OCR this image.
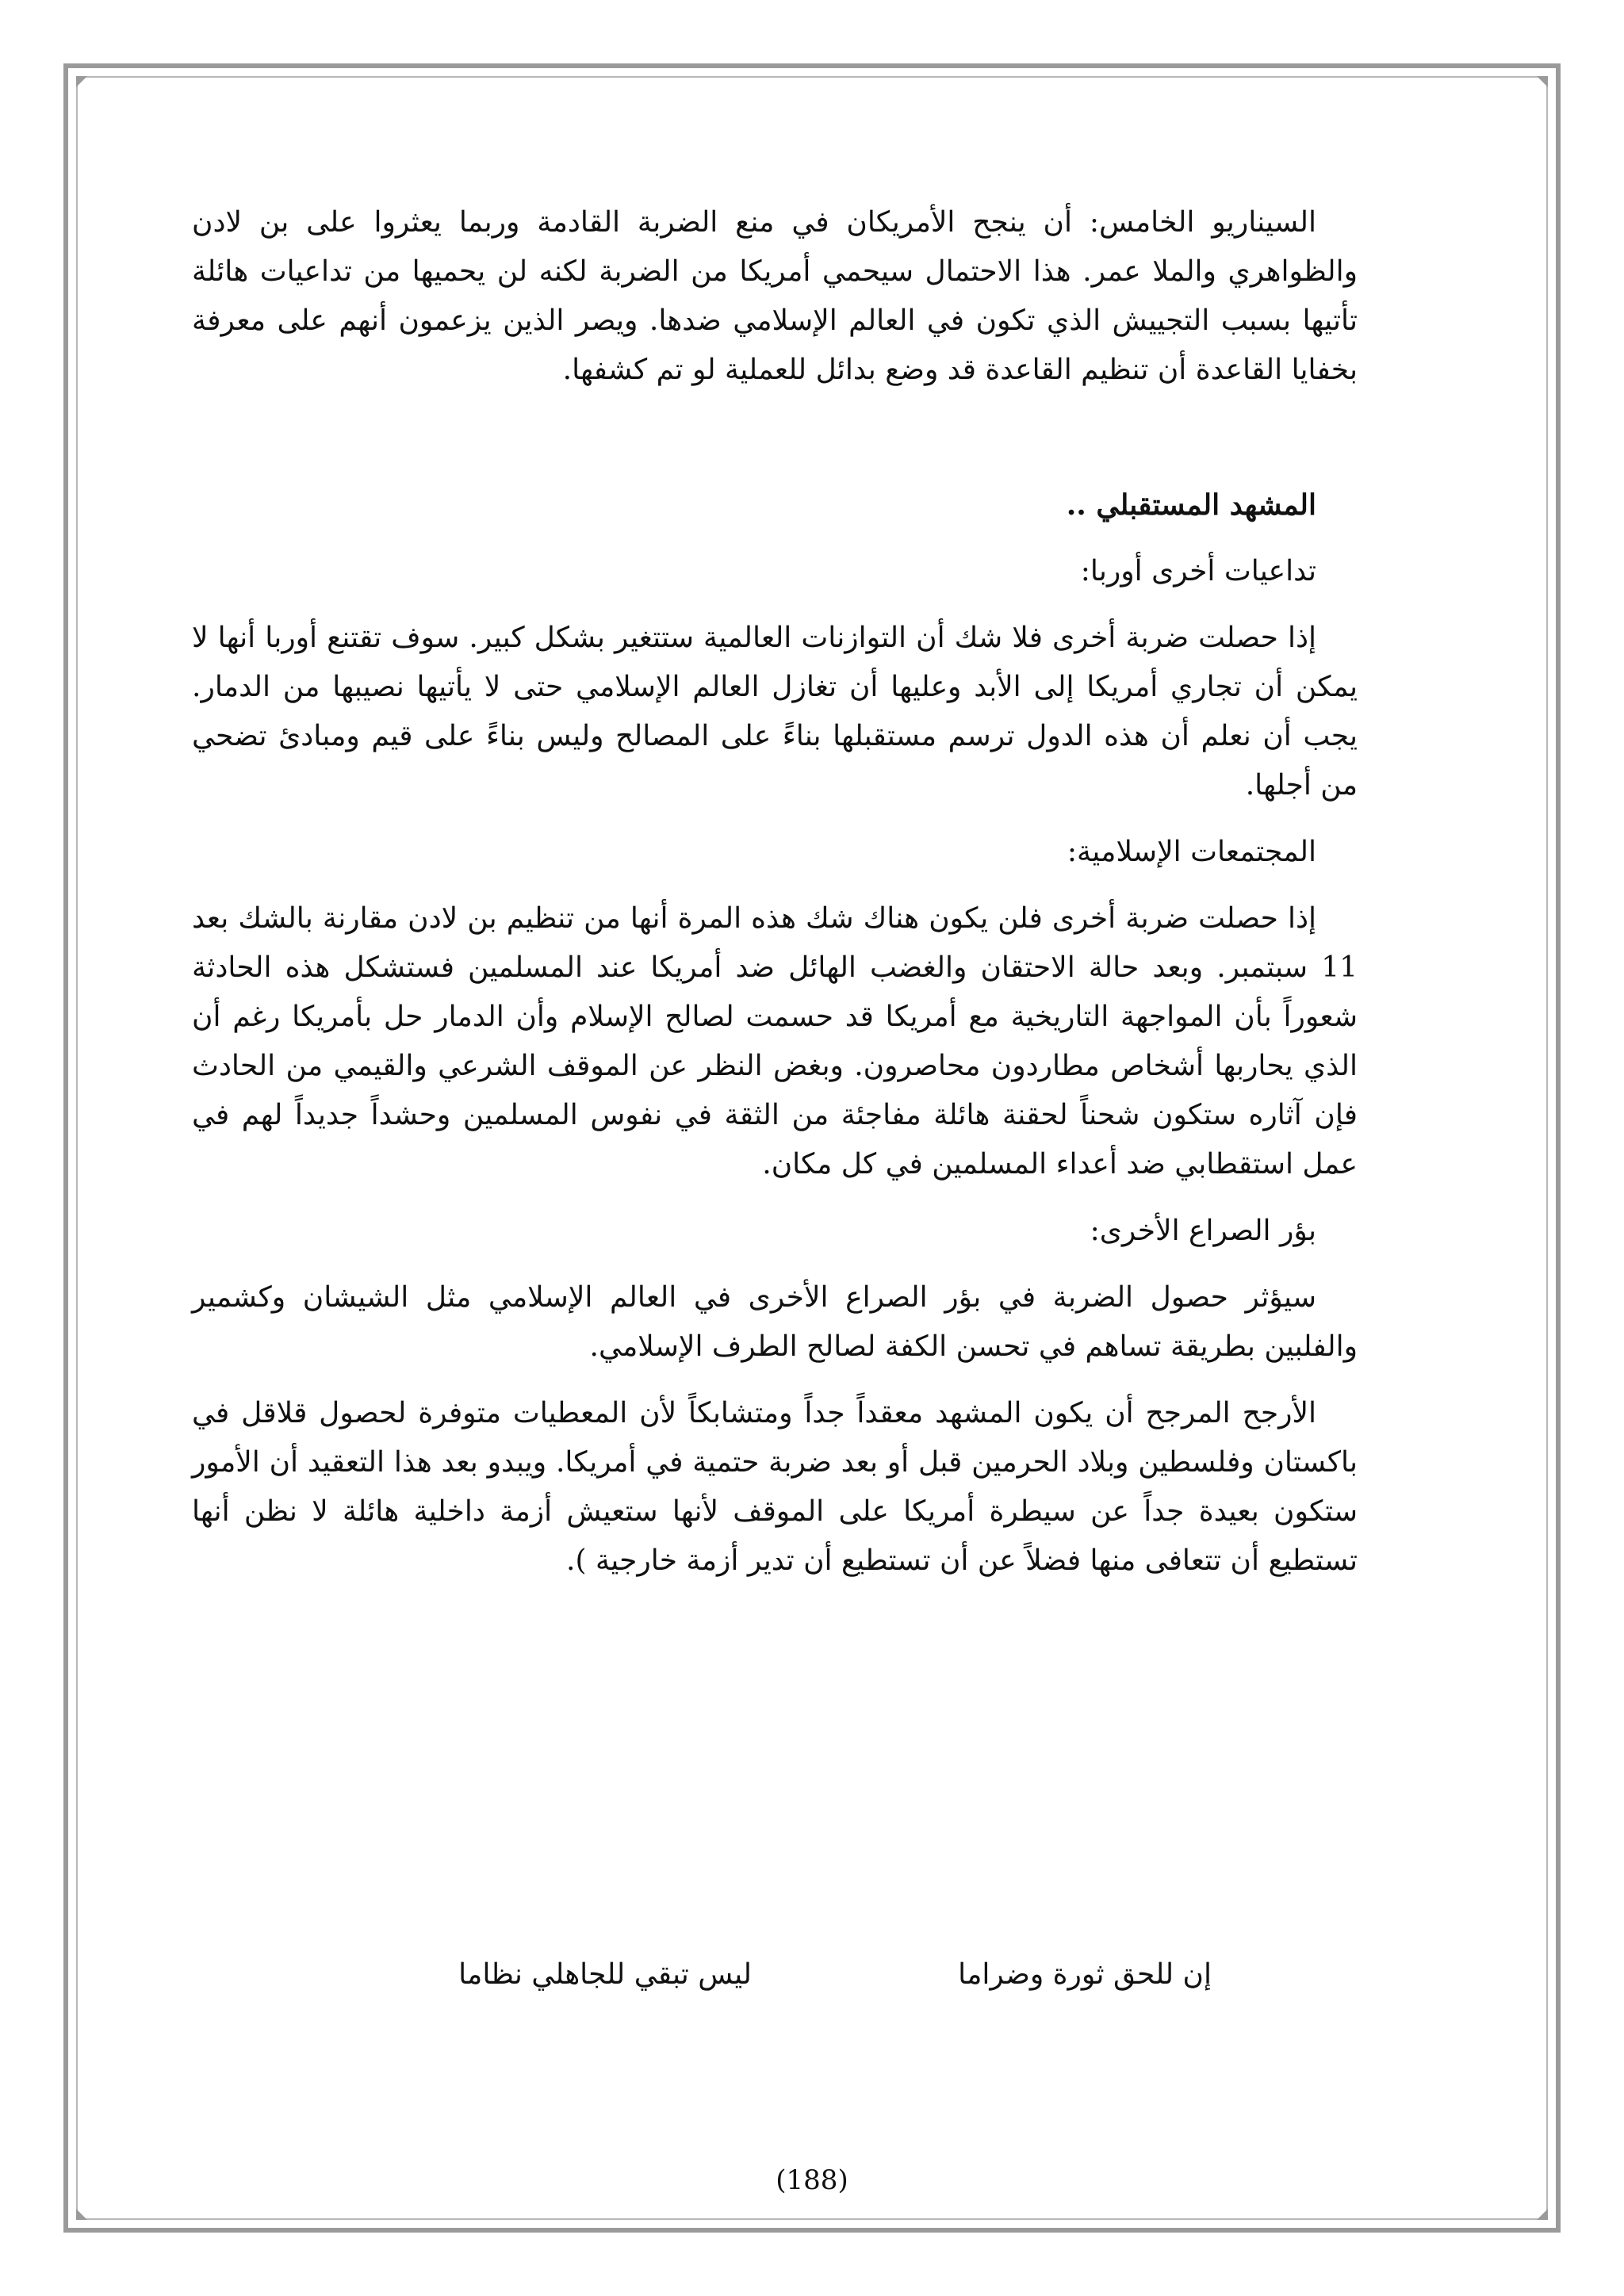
السيناريو الخامس: أن ينجح الأمريكان في منع الضربة القادمة وربما يعثروا على بن لادن والظواهري والملا عمر. هذا الاحتمال سيحمي أمريكا من الضربة لكنه لن يحميها من تداعيات هائلة تأتيها بسبب التجييش الذي تكون في العالم الإسلامي ضدها. ويصر الذين يزعمون أنهم على معرفة بخفايا القاعدة أن تنظيم القاعدة قد وضع بدائل للعملية لو تم كشفها.

المشهد المستقبلي ..

تداعيات أخرى أوربا:

إذا حصلت ضربة أخرى فلا شك أن التوازنات العالمية ستتغير بشكل كبير. سوف تقتنع أوربا أنها لا يمكن أن تجاري أمريكا إلى الأبد وعليها أن تغازل العالم الإسلامي حتى لا يأتيها نصيبها من الدمار. يجب أن نعلم أن هذه الدول ترسم مستقبلها بناءً على المصالح وليس بناءً على قيم ومبادئ تضحي من أجلها.

المجتمعات الإسلامية:

إذا حصلت ضربة أخرى فلن يكون هناك شك هذه المرة أنها من تنظيم بن لادن مقارنة بالشك بعد 11 سبتمبر. وبعد حالة الاحتقان والغضب الهائل ضد أمريكا عند المسلمين فستشكل هذه الحادثة شعوراً بأن المواجهة التاريخية مع أمريكا قد حسمت لصالح الإسلام وأن الدمار حل بأمريكا رغم أن الذي يحاربها أشخاص مطاردون محاصرون. وبغض النظر عن الموقف الشرعي والقيمي من الحادث فإن آثاره ستكون شحناً لحقنة هائلة مفاجئة من الثقة في نفوس المسلمين وحشداً جديداً لهم في عمل استقطابي ضد أعداء المسلمين في كل مكان.

بؤر الصراع الأخرى:

سيؤثر حصول الضربة في بؤر الصراع الأخرى في العالم الإسلامي مثل الشيشان وكشمير والفلبين بطريقة تساهم في تحسن الكفة لصالح الطرف الإسلامي.

الأرجح المرجح أن يكون المشهد معقداً جداً ومتشابكاً لأن المعطيات متوفرة لحصول قلاقل في باكستان وفلسطين وبلاد الحرمين قبل أو بعد ضربة حتمية في أمريكا. ويبدو بعد هذا التعقيد أن الأمور ستكون بعيدة جداً عن سيطرة أمريكا على الموقف لأنها ستعيش أزمة داخلية هائلة لا نظن أنها تستطيع أن تتعافى منها فضلاً عن أن تستطيع أن تدير أزمة خارجية ).

إن للحق ثورة وضراما
ليس تبقي للجاهلي نظاما
(188)
